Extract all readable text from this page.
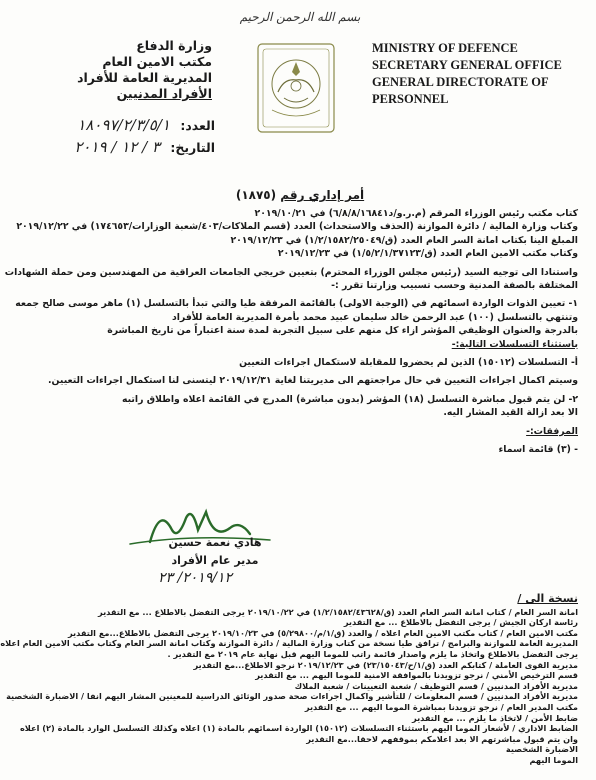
بسم الله الرحمن الرحيم
MINISTRY OF DEFENCE
SECRETARY GENERAL OFFICE
GENERAL DIRECTORATE OF
PERSONNEL
وزارة الدفاع
مكتب الامين العام
المديرية العامة للأفراد
الأفراد المدنيين
العدد: ١٨٠٩٧/٢/٣/٥/١
التاريخ: ٣ / ١٢ / ٢٠١٩
أمر إداري رقم (١٨٧٥)

كتاب مكتب رئيس الوزراء المرقم (م.ر.و/د٦/٨/٨/١٦٨٤١) في ٢٠١٩/١٠/٢١

وكتاب وزارة المالية / دائرة الموازنة (الحذف والاستحداث) العدد (قسم الملاكات/٤٠٣/شعبة الوزارات/١٧٤٦٥٣) في ٢٠١٩/١٢/٢٢

المبلغ الينا بكتاب امانة السر العام العدد (ق/١/٢/١٥٨٢/٢٥٠٤٩) في ٢٠١٩/١٢/٢٣

وكتاب مكتب الامين العام العدد (ق/١/٥/٢/١/٣٧١٢٣) في ٢٠١٩/١٢/٢٣

واستنادا الى توجيه السيد (رئيس مجلس الوزراء المحترم) بتعيين خريجي الجامعات العراقية من المهندسين ومن حملة الشهادات

المختلفة بالصفة المدنية وحسب تسبيب وزارتنا تقرر :-

١- تعيين الذوات الواردة اسمائهم في (الوجبة الاولى) بالقائمة المرفقة طيا والتي تبدأ بالتسلسل (١) ماهر موسى صالح جمعه

وتنتهي بالتسلسل (١٠٠) عبد الرحمن خالد سليمان عبيد محمد بأمرة المديرية العامة للأفراد

بالدرجة والعنوان الوظيفي المؤشر ازاء كل منهم على سبيل التجربة لمدة سنة اعتباراً من تاريخ المباشرة

باستثناء التسلسلات التالية:-

أ- التسلسلات (١٥٠١٢) الذين لم يحضروا للمقابلة لاستكمال اجراءات التعيين

وسيتم اكمال اجراءات التعيين في حال مراجعتهم الى مديريتنا لغاية ٢٠١٩/١٢/٣١ ليتسنى لنا استكمال اجراءات التعيين.

٢- لن يتم قبول مباشرة التسلسل (١٨) المؤشر (بدون مباشرة) المدرج في القائمة اعلاه واطلاق راتبه

الا بعد ازالة القيد المشار اليه.

المرفقات:-

- (٣) قائمة اسماء

هادي نعمة حسين
مدير عام الأفراد
٢٠١٩/١٢/ ٢٣

نسخة الى /

امانة السر العام / كتاب امانة السر العام العدد (ق/١/٢/١٥٨٢/٤٣٦٢٨) في ٢٠١٩/١٠/٢٢ يرجى التفضل بالاطلاع ... مع التقدير

رئاسة اركان الجيش / يرجى التفضل بالاطلاع ... مع التقدير

مكتب الامين العام / كتاب مكتب الامين العام اعلاه / والعدد (ق/١/م/٥/٢٩٨٠٠) في ٢٠١٩/١٠/٢٣ يرجى التفضل بالاطلاع...مع التقدير

المديرية العامة للموازنة والبرامج / ترافق طيا نسخة من كتاب وزارة المالية / دائرة الموازنة وكتاب امانة السر العام وكتاب مكتب الامين العام اعلاه

يرجى التفضل بالاطلاع واتخاذ ما يلزم واصدار قائمة راتب للموما اليهم قبل نهاية عام ٢٠١٩ مع التقدير .

مديرية القوى العاملة / كتابكم العدد (ق/١/ح/٢٣/١٥٠٤٣) في ٢٠١٩/١٢/٢٣ نرجو الاطلاع...مع التقدير

قسم الترخيص الأمني / نرجو تزويدنا بالموافقة الامنية للموما اليهم ... مع التقدير

مديرية الأفراد المدنيين / قسم التوظيف / شعبة التعيينات / شعبة الملاك

مديرية الأفراد المدنيين / قسم المعلومات / للتأشير واكمال اجراءات صحة صدور الوثائق الدراسية للمعينين المشار اليهم انفا / الاضبارة الشخصية

مكتب المدير العام / نرجو تزويدنا بمباشرة الموما اليهم ... مع التقدير

ضابط الأمن / لاتخاذ ما يلزم ... مع التقدير

الضابط الاداري / لأشعار الموما اليهم باستثناء التسلسلات (١٥٠١٢) الواردة اسمائهم بالمادة (١) اعلاه وكذلك التسلسل الوارد بالمادة (٢) اعلاه

وان يتم قبول مباشرتهم الا بعد اعلامكم بموقفهم لاحقا...مع التقدير

الاضبارة الشخصية

الموما اليهم
